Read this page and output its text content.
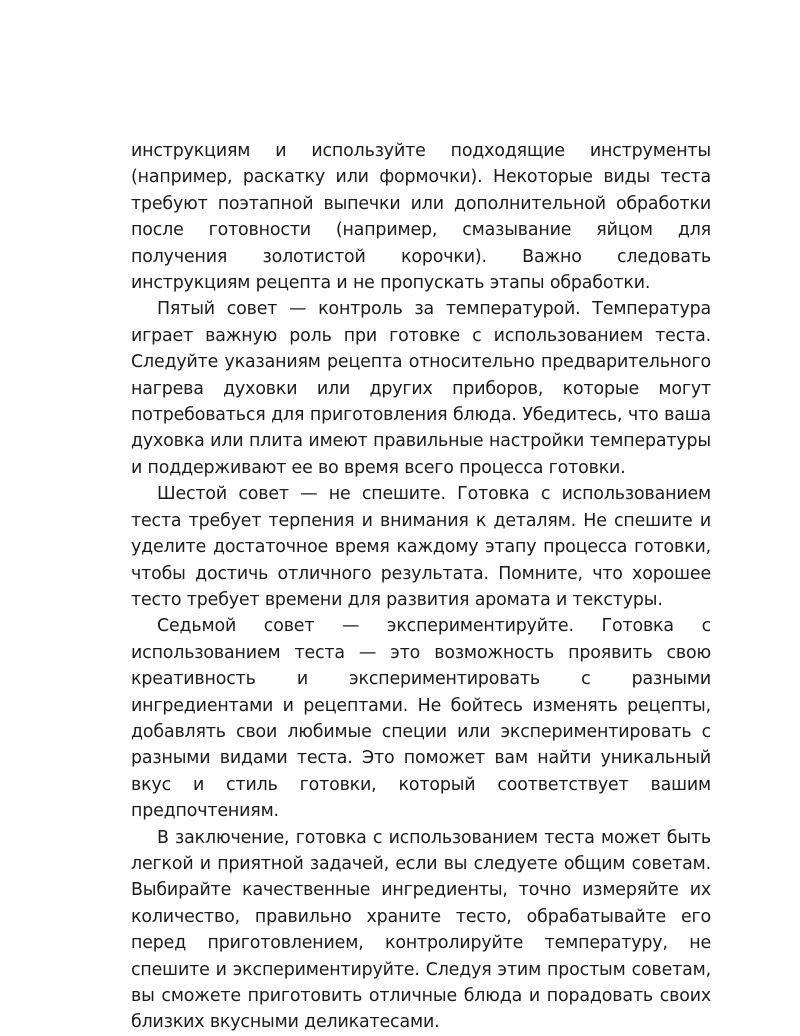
инструкциям и используйте подходящие инструменты (например, раскатку или формочки). Некоторые виды теста требуют поэтапной выпечки или дополнительной обработки после готовности (например, смазывание яйцом для получения золотистой корочки). Важно следовать инструкциям рецепта и не пропускать этапы обработки.

Пятый совет — контроль за температурой. Температура играет важную роль при готовке с использованием теста. Следуйте указаниям рецепта относительно предварительного нагрева духовки или других приборов, которые могут потребоваться для приготовления блюда. Убедитесь, что ваша духовка или плита имеют правильные настройки температуры и поддерживают ее во время всего процесса готовки.

Шестой совет — не спешите. Готовка с использованием теста требует терпения и внимания к деталям. Не спешите и уделите достаточное время каждому этапу процесса готовки, чтобы достичь отличного результата. Помните, что хорошее тесто требует времени для развития аромата и текстуры.

Седьмой совет — экспериментируйте. Готовка с использованием теста — это возможность проявить свою креативность и экспериментировать с разными ингредиентами и рецептами. Не бойтесь изменять рецепты, добавлять свои любимые специи или экспериментировать с разными видами теста. Это поможет вам найти уникальный вкус и стиль готовки, который соответствует вашим предпочтениям.

В заключение, готовка с использованием теста может быть легкой и приятной задачей, если вы следуете общим советам. Выбирайте качественные ингредиенты, точно измеряйте их количество, правильно храните тесто, обрабатывайте его перед приготовлением, контролируйте температуру, не спешите и экспериментируйте. Следуя этим простым советам, вы сможете приготовить отличные блюда и порадовать своих близких вкусными деликатесами.
